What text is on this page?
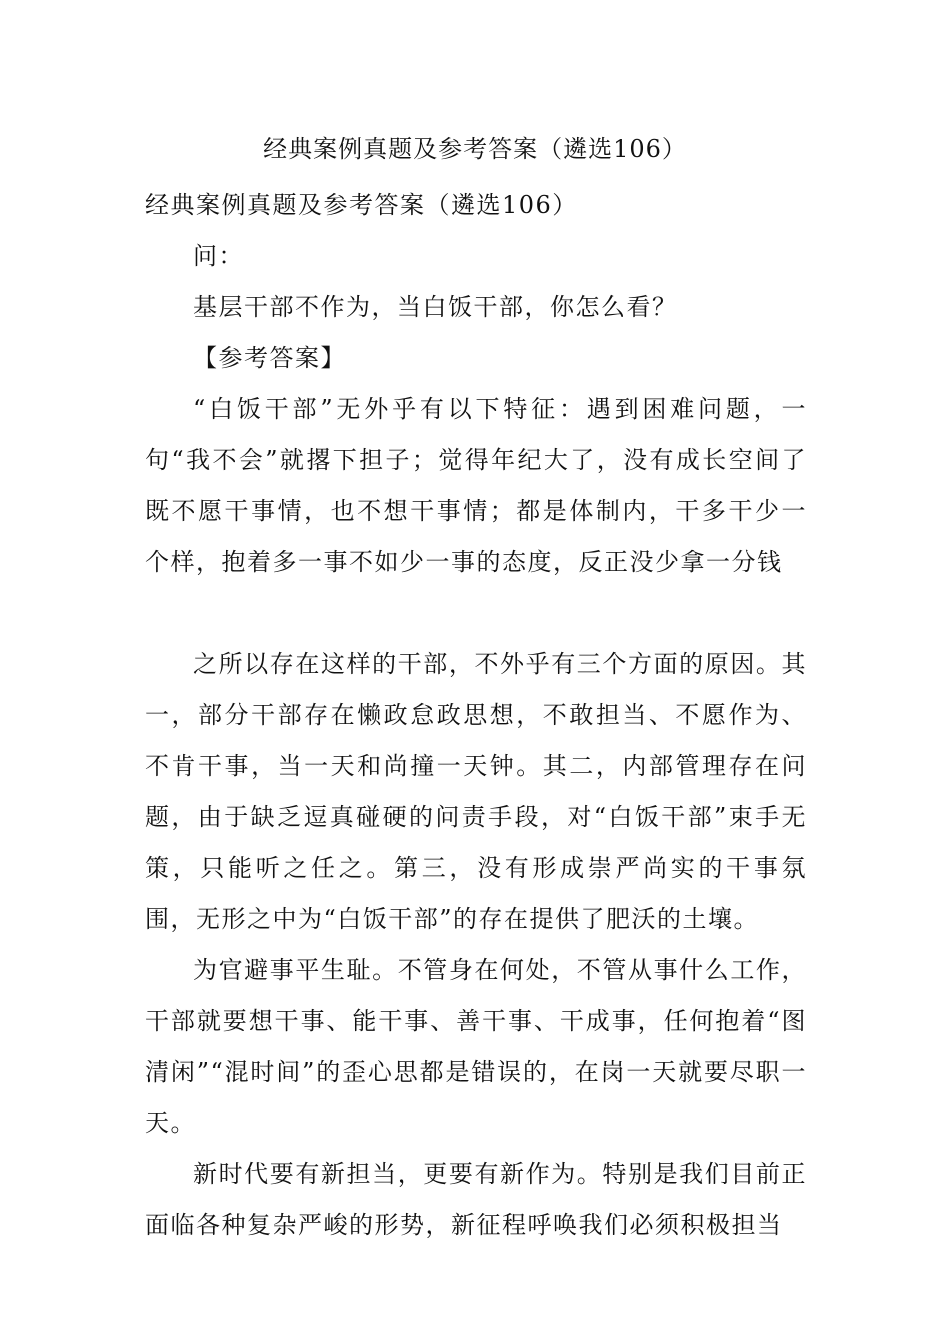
经典案例真题及参考答案（遴选106）

经典案例真题及参考答案（遴选106）

问：

基层干部不作为，当白饭干部，你怎么看？

【参考答案】

“白饭干部”无外乎有以下特征：遇到困难问题，一句“我不会”就撂下担子；觉得年纪大了，没有成长空间了既不愿干事情，也不想干事情；都是体制内，干多干少一个样，抱着多一事不如少一事的态度，反正没少拿一分钱

之所以存在这样的干部，不外乎有三个方面的原因。其一，部分干部存在懒政怠政思想，不敢担当、不愿作为、不肯干事，当一天和尚撞一天钟。其二，内部管理存在问题，由于缺乏逗真碰硬的问责手段，对“白饭干部”束手无策，只能听之任之。第三，没有形成崇严尚实的干事氛围，无形之中为“白饭干部”的存在提供了肥沃的土壤。

为官避事平生耻。不管身在何处，不管从事什么工作，干部就要想干事、能干事、善干事、干成事，任何抱着“图清闲”“混时间”的歪心思都是错误的，在岗一天就要尽职一天。

新时代要有新担当，更要有新作为。特别是我们目前正面临各种复杂严峻的形势，新征程呼唤我们必须积极担当
